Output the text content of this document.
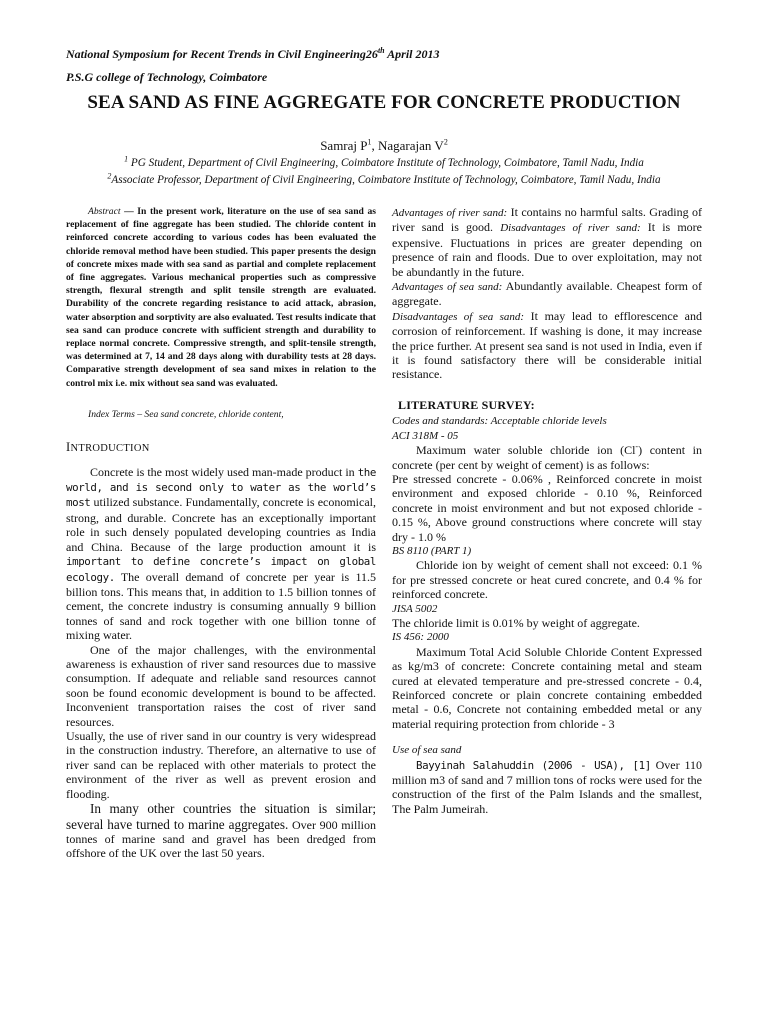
National Symposium for Recent Trends in Civil Engineering26th April 2013
P.S.G college of Technology, Coimbatore
SEA SAND AS FINE AGGREGATE FOR CONCRETE PRODUCTION
Samraj $P^1$, Nagarajan $V^2$
$^1$ PG Student, Department of Civil Engineering, Coimbatore Institute of Technology, Coimbatore, Tamil Nadu, India
$^2$Associate Professor, Department of Civil Engineering, Coimbatore Institute of Technology, Coimbatore, Tamil Nadu, India

Abstract — In the present work, literature on the use of sea sand as replacement of fine aggregate has been studied. The chloride content in reinforced concrete according to various codes has been evaluated the chloride removal method have been studied. This paper presents the design of concrete mixes made with sea sand as partial and complete replacement of fine aggregates. Various mechanical properties such as compressive strength, flexural strength and split tensile strength are evaluated. Durability of the concrete regarding resistance to acid attack, abrasion, water absorption and sorptivity are also evaluated. Test results indicate that sea sand can produce concrete with sufficient strength and durability to replace normal concrete. Compressive strength, and split-tensile strength, was determined at 7, 14 and 28 days along with durability tests at 28 days. Comparative strength development of sea sand mixes in relation to the control mix i.e. mix without sea sand was evaluated.

Index Terms – Sea sand concrete, chloride content,

INTRODUCTION

Concrete is the most widely used man-made product in the world, and is second only to water as the world’s most utilized substance. Fundamentally, concrete is economical, strong, and durable. Concrete has an exceptionally important role in such densely populated developing countries as India and China. Because of the large production amount it is important to define concrete’s impact on global ecology. The overall demand of concrete per year is 11.5 billion tons. This means that, in addition to 1.5 billion tonnes of cement, the concrete industry is consuming annually 9 billion tonnes of sand and rock together with one billion tonne of mixing water.

One of the major challenges, with the environmental awareness is exhaustion of river sand resources due to massive consumption. If adequate and reliable sand resources cannot soon be found economic development is bound to be affected. Inconvenient transportation raises the cost of river sand resources.

Usually, the use of river sand in our country is very widespread in the construction industry. Therefore, an alternative to use of river sand can be replaced with other materials to protect the environment of the river as well as prevent erosion and flooding.

In many other countries the situation is similar; several have turned to marine aggregates. Over 900 million tonnes of marine sand and gravel has been dredged from offshore of the UK over the last 50 years.

Advantages of river sand: It contains no harmful salts. Grading of river sand is good. Disadvantages of river sand: It is more expensive. Fluctuations in prices are greater depending on presence of rain and floods. Due to over exploitation, may not be abundantly in the future.

Advantages of sea sand: Abundantly available. Cheapest form of aggregate.

Disadvantages of sea sand: It may lead to efflorescence and corrosion of reinforcement. If washing is done, it may increase the price further. At present sea sand is not used in India, even if it is found satisfactory there will be considerable initial resistance.

LITERATURE SURVEY:

Codes and standards: Acceptable chloride levels

ACI 318M - 05

Maximum water soluble chloride ion (Cl-) content in concrete (per cent by weight of cement) is as follows:

Pre stressed concrete - 0.06% , Reinforced concrete in moist environment and exposed chloride - 0.10 %, Reinforced concrete in moist environment and but not exposed chloride - 0.15 %, Above ground constructions where concrete will stay dry - 1.0 %

BS 8110 (PART 1)

Chloride ion by weight of cement shall not exceed: 0.1 % for pre stressed concrete or heat cured concrete, and 0.4 % for reinforced concrete.

JISA 5002

The chloride limit is 0.01% by weight of aggregate.

IS 456: 2000

Maximum Total Acid Soluble Chloride Content Expressed as kg/m3 of concrete: Concrete containing metal and steam cured at elevated temperature and pre-stressed concrete - 0.4, Reinforced concrete or plain concrete containing embedded metal - 0.6, Concrete not containing embedded metal or any material requiring protection from chloride - 3

Use of sea sand

Bayyinah Salahuddin (2006 - USA), [1] Over 110 million m3 of sand and 7 million tons of rocks were used for the construction of the first of the Palm Islands and the smallest, The Palm Jumeirah.
